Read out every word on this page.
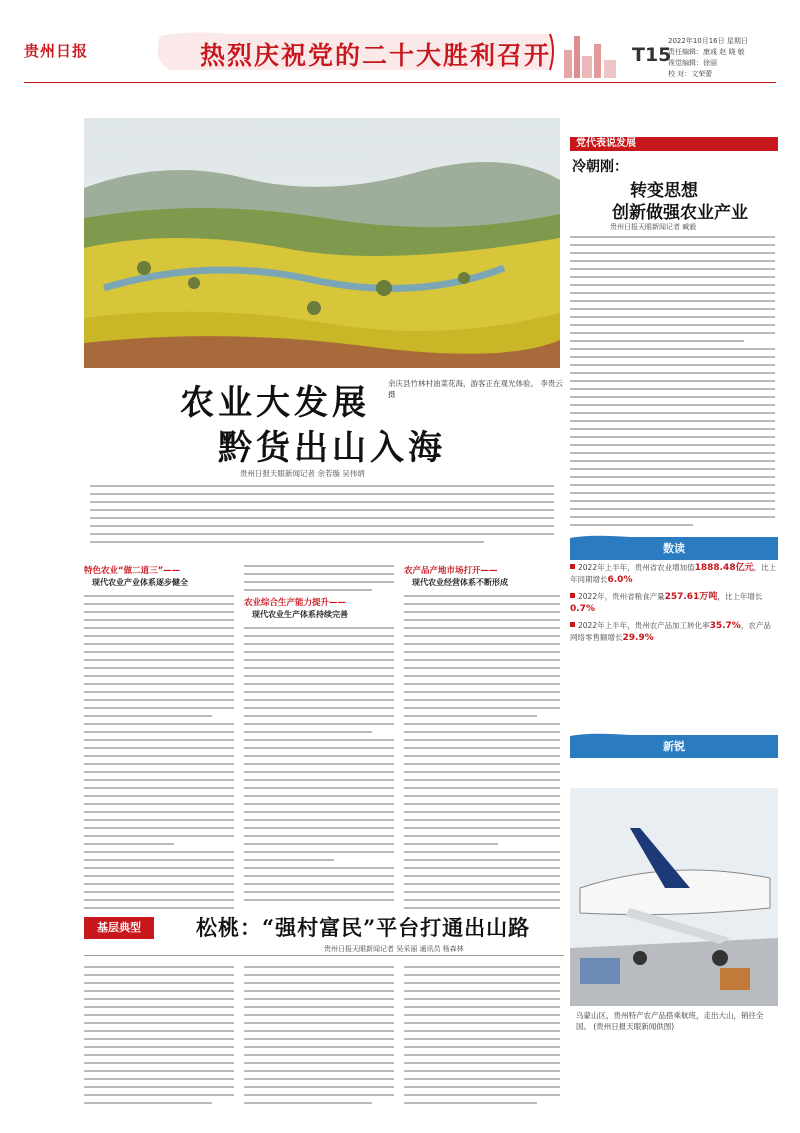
贵州日报	热烈庆祝党的二十大胜利召开	T15
2022年10月16日 星期日
责任编辑：康彧 赵 晓 敏
视觉编辑：徐丽
校 对：文荣蕾
余庆县竹林村油菜花海，游客正在观光体验。 李贵云 摄
农业大发展
黔货出山入海
贵州日报天眼新闻记者 余若璇 吴伟炳
特色农业“做二道三”——
现代农业产业体系逐步健全
农业综合生产能力提升——
现代农业生产体系持续完善
农产品产地市场打开——
现代农业经营体系不断形成
党代表说发展
冷朝刚：
转变思想
创新做强农业产业
贵州日报天眼新闻记者 臧毅
数读

2022年上半年，贵州省农业增加值1888.48亿元，比上年同期增长6.0%

2022年，贵州省粮食产量257.61万吨，比上年增长0.7%

2022年上半年，贵州农产品加工转化率35.7%，农产品网络零售额增长29.9%

新锐
乌蒙山区，贵州特产农产品搭乘航班，走出大山，销往全国。 (贵州日报天眼新闻供图)
基层典型	松桃：“强村富民”平台打通出山路
贵州日报天眼新闻记者 吴采丽 通讯员 杨森林
